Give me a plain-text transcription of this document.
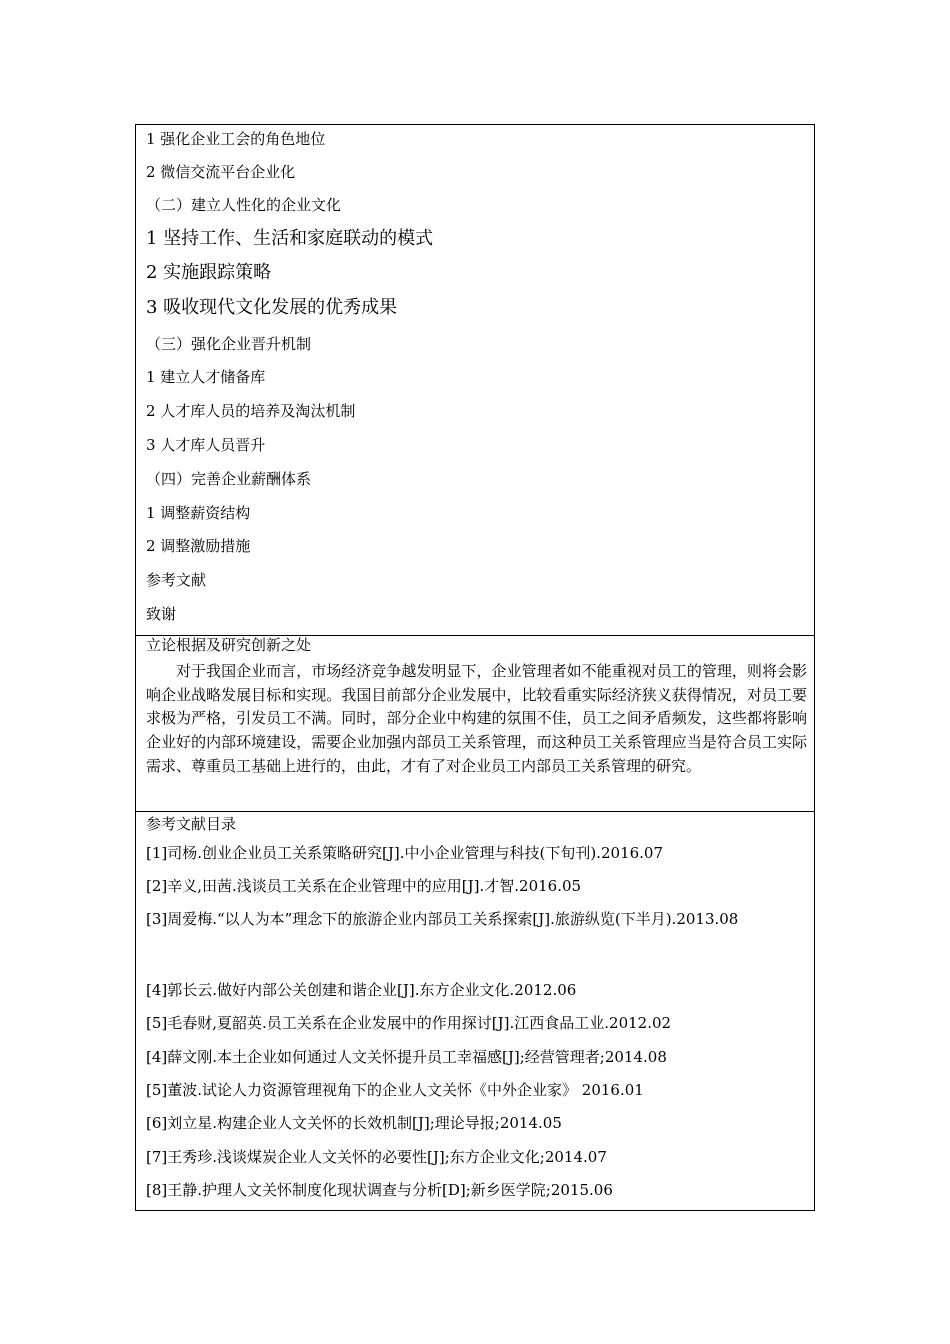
1 强化企业工会的角色地位
2 微信交流平台企业化
（二）建立人性化的企业文化
1 坚持工作、生活和家庭联动的模式
2 实施跟踪策略
3 吸收现代文化发展的优秀成果
（三）强化企业晋升机制
1 建立人才储备库
2 人才库人员的培养及淘汰机制
3 人才库人员晋升
（四）完善企业薪酬体系
1 调整薪资结构
2 调整激励措施
参考文献
致谢
立论根据及研究创新之处

对于我国企业而言，市场经济竞争越发明显下，企业管理者如不能重视对员工的管理，则将会影响企业战略发展目标和实现。我国目前部分企业发展中，比较看重实际经济狭义获得情况，对员工要求极为严格，引发员工不满。同时，部分企业中构建的氛围不佳，员工之间矛盾频发，这些都将影响企业好的内部环境建设，需要企业加强内部员工关系管理，而这种员工关系管理应当是符合员工实际需求、尊重员工基础上进行的，由此，才有了对企业员工内部员工关系管理的研究。

参考文献目录
[1]司杨.创业企业员工关系策略研究[J].中小企业管理与科技(下旬刊).2016.07
[2]辛义,田茜.浅谈员工关系在企业管理中的应用[J].才智.2016.05

[3]周爱梅.“以人为本”理念下的旅游企业内部员工关系探索[J].旅游纵览(下半月).2013.08

[4]郭长云.做好内部公关创建和谐企业[J].东方企业文化.2012.06
[5]毛春财,夏韶英.员工关系在企业发展中的作用探讨[J].江西食品工业.2012.02
[4]薛文刚.本土企业如何通过人文关怀提升员工幸福感[J];经营管理者;2014.08
[5]董波.试论人力资源管理视角下的企业人文关怀《中外企业家》 2016.01
[6]刘立星.构建企业人文关怀的长效机制[J];理论导报;2014.05
[7]王秀珍.浅谈煤炭企业人文关怀的必要性[J];东方企业文化;2014.07
[8]王静.护理人文关怀制度化现状调查与分析[D];新乡医学院;2015.06
